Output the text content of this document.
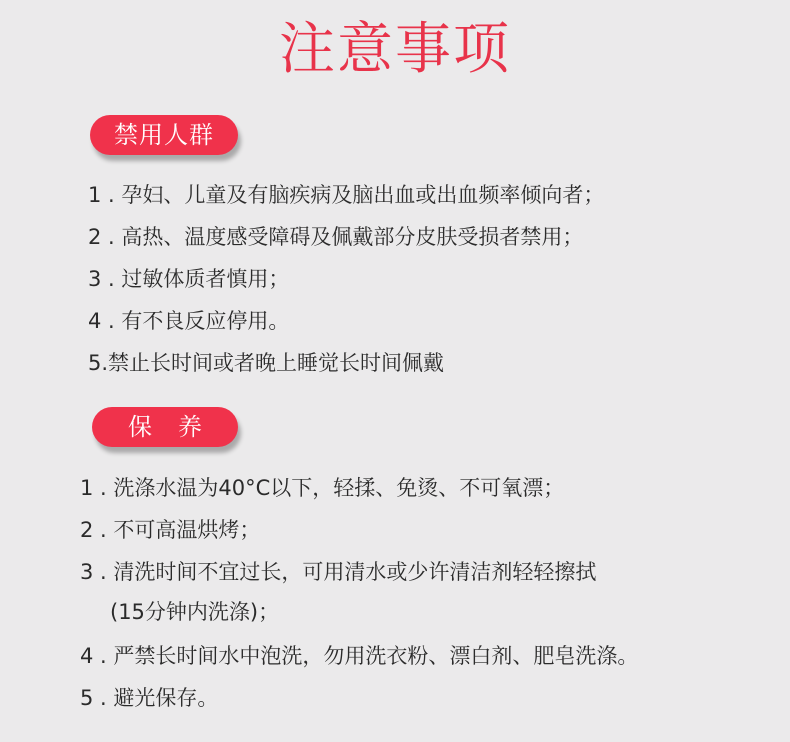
注意事项
禁用人群
1 . 孕妇、儿童及有脑疾病及脑出血或出血频率倾向者；
2 . 高热、温度感受障碍及佩戴部分皮肤受损者禁用；
3 . 过敏体质者慎用；
4 . 有不良反应停用。
5.禁止长时间或者晚上睡觉长时间佩戴
保养
1 . 洗涤水温为40°C以下，轻揉、免烫、不可氧漂；
2 . 不可高温烘烤；
3 . 清洗时间不宜过长，可用清水或少许清洁剂轻轻擦拭
(15分钟内洗涤)；
4 . 严禁长时间水中泡洗，勿用洗衣粉、漂白剂、肥皂洗涤。
5 . 避光保存。
